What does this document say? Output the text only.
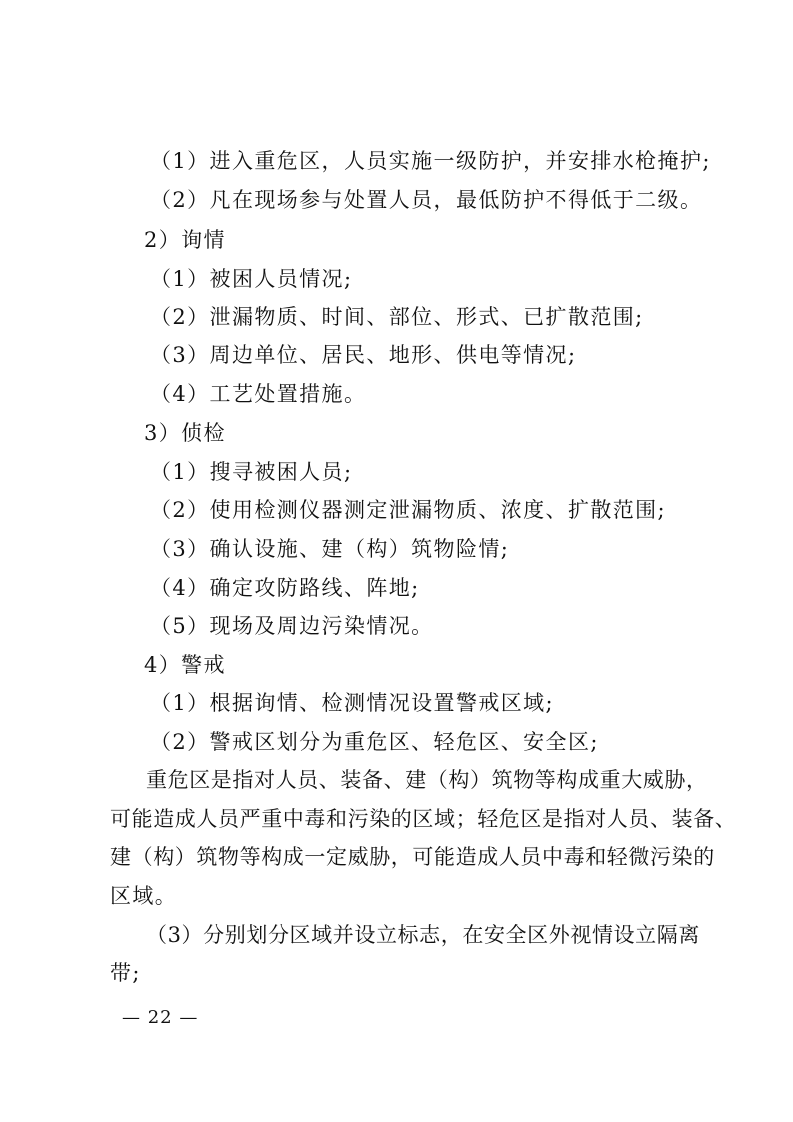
（1）进入重危区，人员实施一级防护，并安排水枪掩护;
（2）凡在现场参与处置人员，最低防护不得低于二级。
2）询情
（1）被困人员情况;
（2）泄漏物质、时间、部位、形式、已扩散范围;
（3）周边单位、居民、地形、供电等情况;
（4）工艺处置措施。
3）侦检
（1）搜寻被困人员;
（2）使用检测仪器测定泄漏物质、浓度、扩散范围;
（3）确认设施、建（构）筑物险情;
（4）确定攻防路线、阵地;
（5）现场及周边污染情况。
4）警戒
（1）根据询情、检测情况设置警戒区域;
（2）警戒区划分为重危区、轻危区、安全区;
重危区是指对人员、装备、建（构）筑物等构成重大威胁，
可能造成人员严重中毒和污染的区域；轻危区是指对人员、装备、
建（构）筑物等构成一定威胁，可能造成人员中毒和轻微污染的
区域。
（3）分别划分区域并设立标志，在安全区外视情设立隔离
带;
— 22 —
